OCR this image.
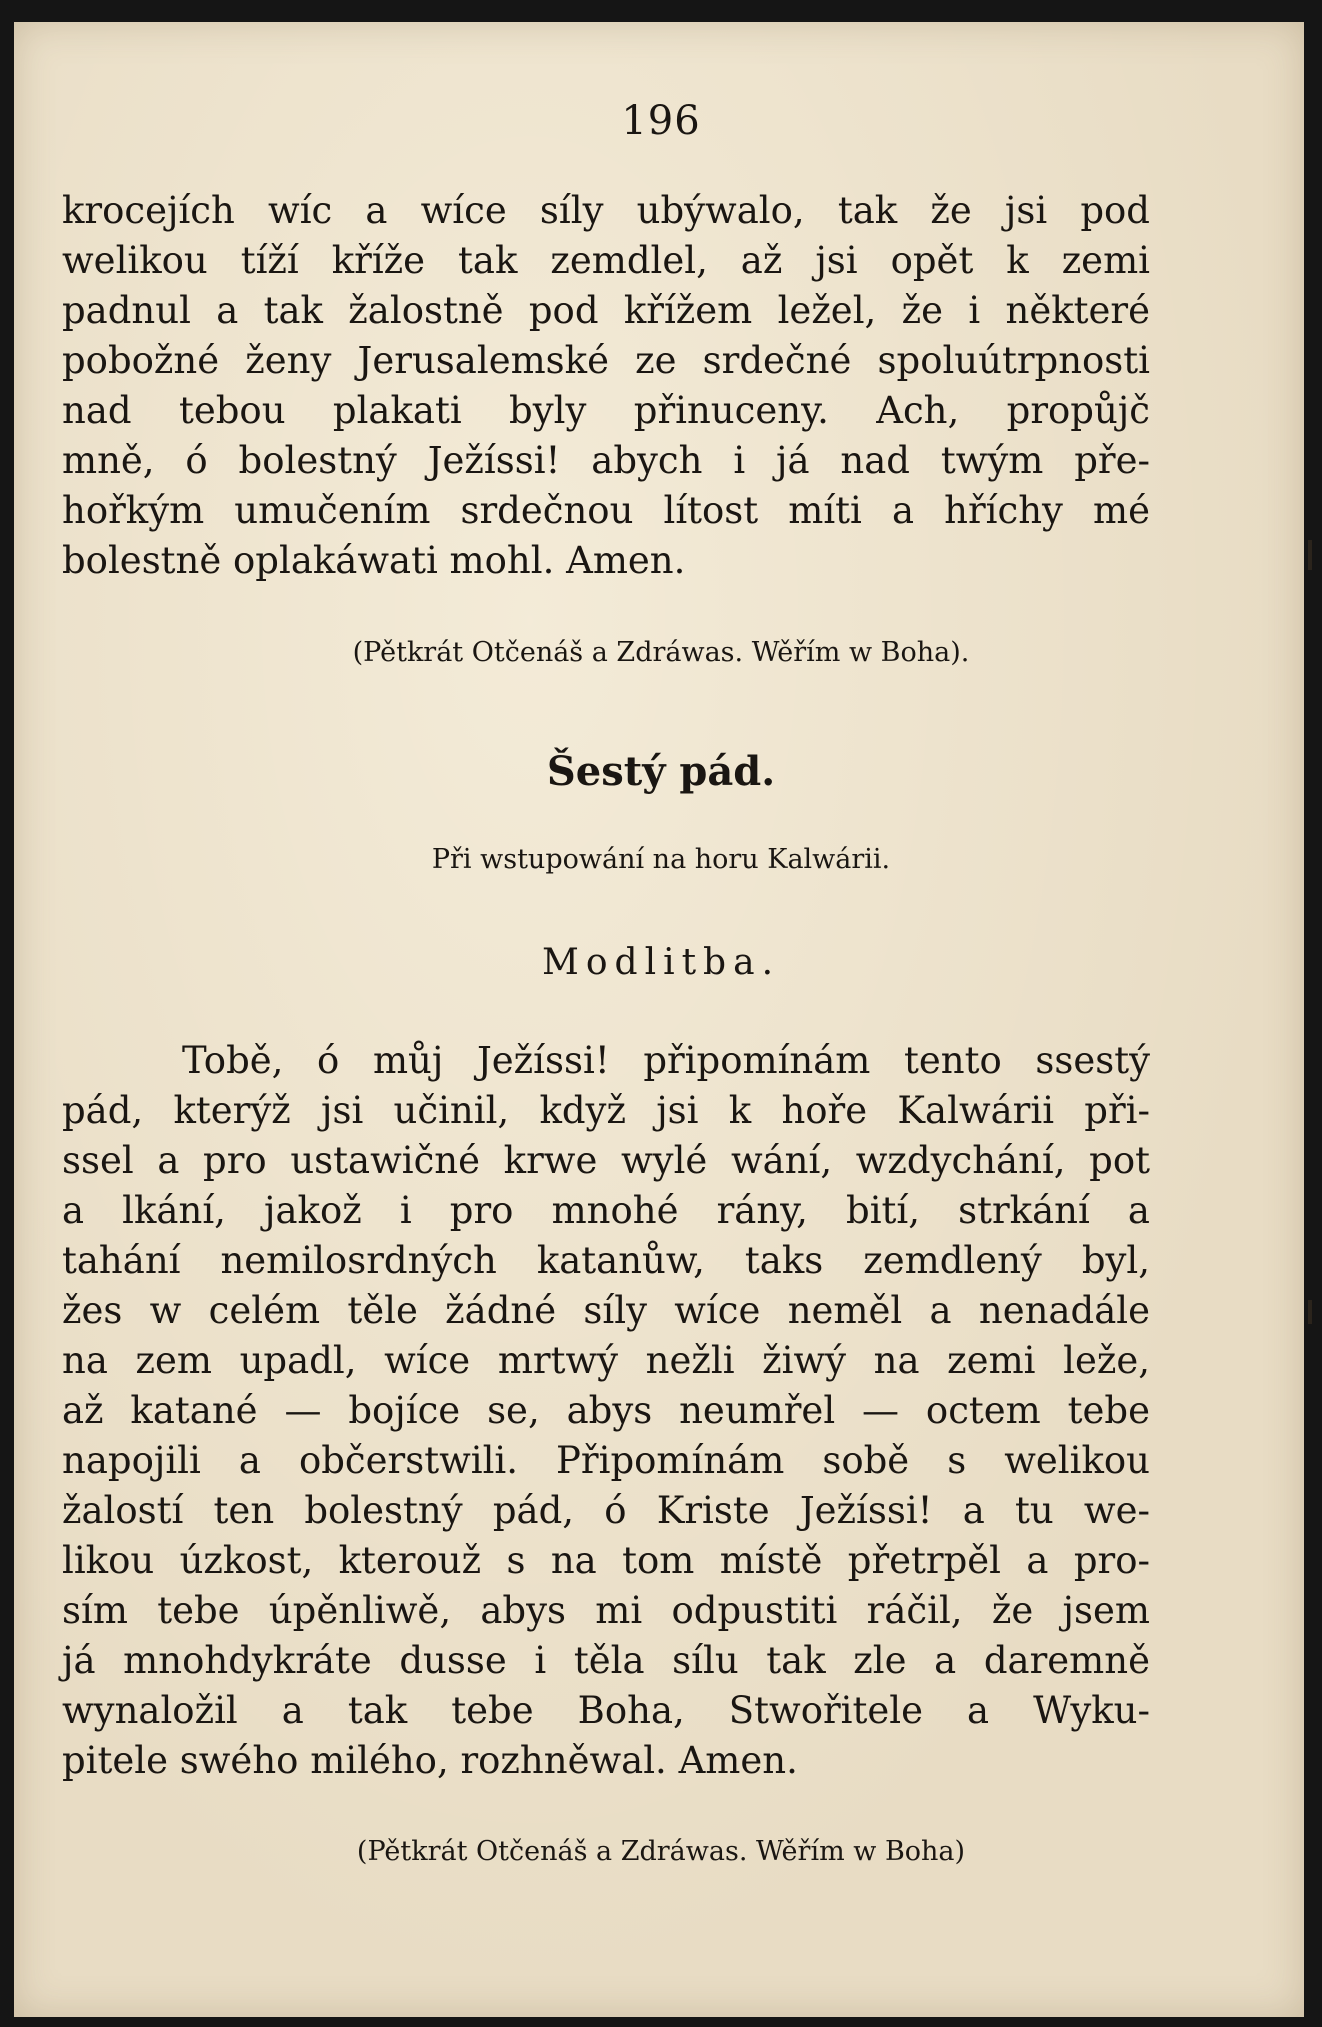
196
krocejích wíc a wíce síly ubýwalo, tak že jsi pod
welikou tíží kříže tak zemdlel, až jsi opět k zemi
padnul a tak žalostně pod křížem ležel, že i některé
pobožné ženy Jerusalemské ze srdečné spoluútrpnosti
nad tebou plakati byly přinuceny. Ach, propůjč
mně, ó bolestný Ježíssi! abych i já nad twým pře-
hořkým umučením srdečnou lítost míti a hříchy mé
bolestně oplakáwati mohl. Amen.
(Pětkrát Otčenáš a Zdráwas. Wěřím w Boha).
Šestý pád.
Při wstupowání na horu Kalwárii.
Modlitba.
Tobě, ó můj Ježíssi! připomínám tento ssestý
pád, kterýž jsi učinil, když jsi k hoře Kalwárii při-
ssel a pro ustawičné krwe wylé wání, wzdychání, pot
a lkání, jakož i pro mnohé rány, bití, strkání a
tahání nemilosrdných katanůw, taks zemdlený byl,
žes w celém těle žádné síly wíce neměl a nenadále
na zem upadl, wíce mrtwý nežli žiwý na zemi leže,
až katané — bojíce se, abys neumřel — octem tebe
napojili a občerstwili. Připomínám sobě s welikou
žalostí ten bolestný pád, ó Kriste Ježíssi! a tu we-
likou úzkost, kterouž s na tom místě přetrpěl a pro-
sím tebe úpěnliwě, abys mi odpustiti ráčil, že jsem
já mnohdykráte dusse i těla sílu tak zle a daremně
wynaložil a tak tebe Boha, Stwořitele a Wyku-
pitele swého milého, rozhněwal. Amen.
(Pětkrát Otčenáš a Zdráwas. Wěřím w Boha)
